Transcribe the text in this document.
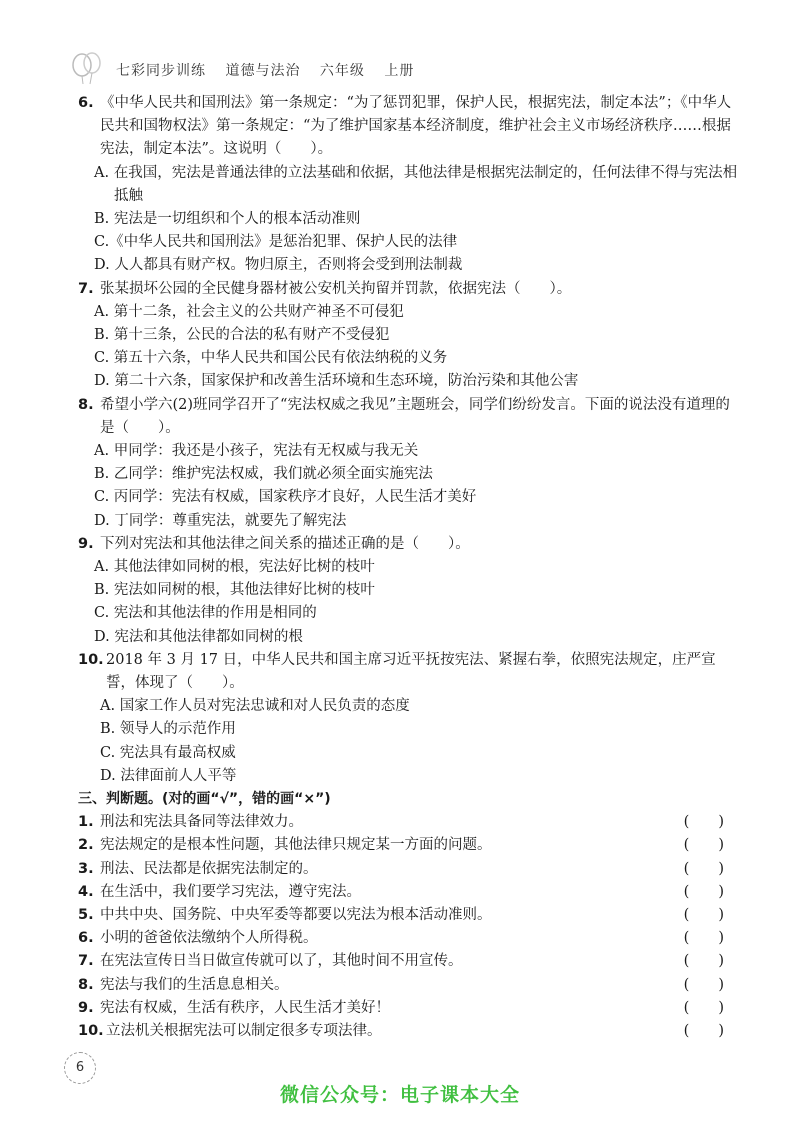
七彩同步训练 道德与法治 六年级 上册
6. 《中华人民共和国刑法》第一条规定：“为了惩罚犯罪，保护人民，根据宪法，制定本法”；《中华人民共和国物权法》第一条规定：“为了维护国家基本经济制度，维护社会主义市场经济秩序……根据宪法，制定本法”。这说明（　　）。
A. 在我国，宪法是普通法律的立法基础和依据，其他法律是根据宪法制定的，任何法律不得与宪法相抵触
B. 宪法是一切组织和个人的根本活动准则
C.《中华人民共和国刑法》是惩治犯罪、保护人民的法律
D. 人人都具有财产权。物归原主，否则将会受到刑法制裁
7. 张某损坏公园的全民健身器材被公安机关拘留并罚款，依据宪法（　　）。
A. 第十二条，社会主义的公共财产神圣不可侵犯
B. 第十三条，公民的合法的私有财产不受侵犯
C. 第五十六条，中华人民共和国公民有依法纳税的义务
D. 第二十六条，国家保护和改善生活环境和生态环境，防治污染和其他公害
8. 希望小学六(2)班同学召开了“宪法权威之我见”主题班会，同学们纷纷发言。下面的说法没有道理的是（　　）。
A. 甲同学：我还是小孩子，宪法有无权威与我无关
B. 乙同学：维护宪法权威，我们就必须全面实施宪法
C. 丙同学：宪法有权威，国家秩序才良好，人民生活才美好
D. 丁同学：尊重宪法，就要先了解宪法
9. 下列对宪法和其他法律之间关系的描述正确的是（　　）。
A. 其他法律如同树的根，宪法好比树的枝叶
B. 宪法如同树的根，其他法律好比树的枝叶
C. 宪法和其他法律的作用是相同的
D. 宪法和其他法律都如同树的根
10. 2018 年 3 月 17 日，中华人民共和国主席习近平抚按宪法、紧握右拳，依照宪法规定，庄严宣誓，体现了（　　）。
A. 国家工作人员对宪法忠诚和对人民负责的态度
B. 领导人的示范作用
C. 宪法具有最高权威
D. 法律面前人人平等
三、判断题。(对的画“√”，错的画“×”)
1. 刑法和宪法具备同等法律效力。	(　　)
2. 宪法规定的是根本性问题，其他法律只规定某一方面的问题。	(　　)
3. 刑法、民法都是依据宪法制定的。	(　　)
4. 在生活中，我们要学习宪法，遵守宪法。	(　　)
5. 中共中央、国务院、中央军委等都要以宪法为根本活动准则。	(　　)
6. 小明的爸爸依法缴纳个人所得税。	(　　)
7. 在宪法宣传日当日做宣传就可以了，其他时间不用宣传。	(　　)
8. 宪法与我们的生活息息相关。	(　　)
9. 宪法有权威，生活有秩序，人民生活才美好！	(　　)
10. 立法机关根据宪法可以制定很多专项法律。	(　　)
6
微信公众号：电子课本大全
